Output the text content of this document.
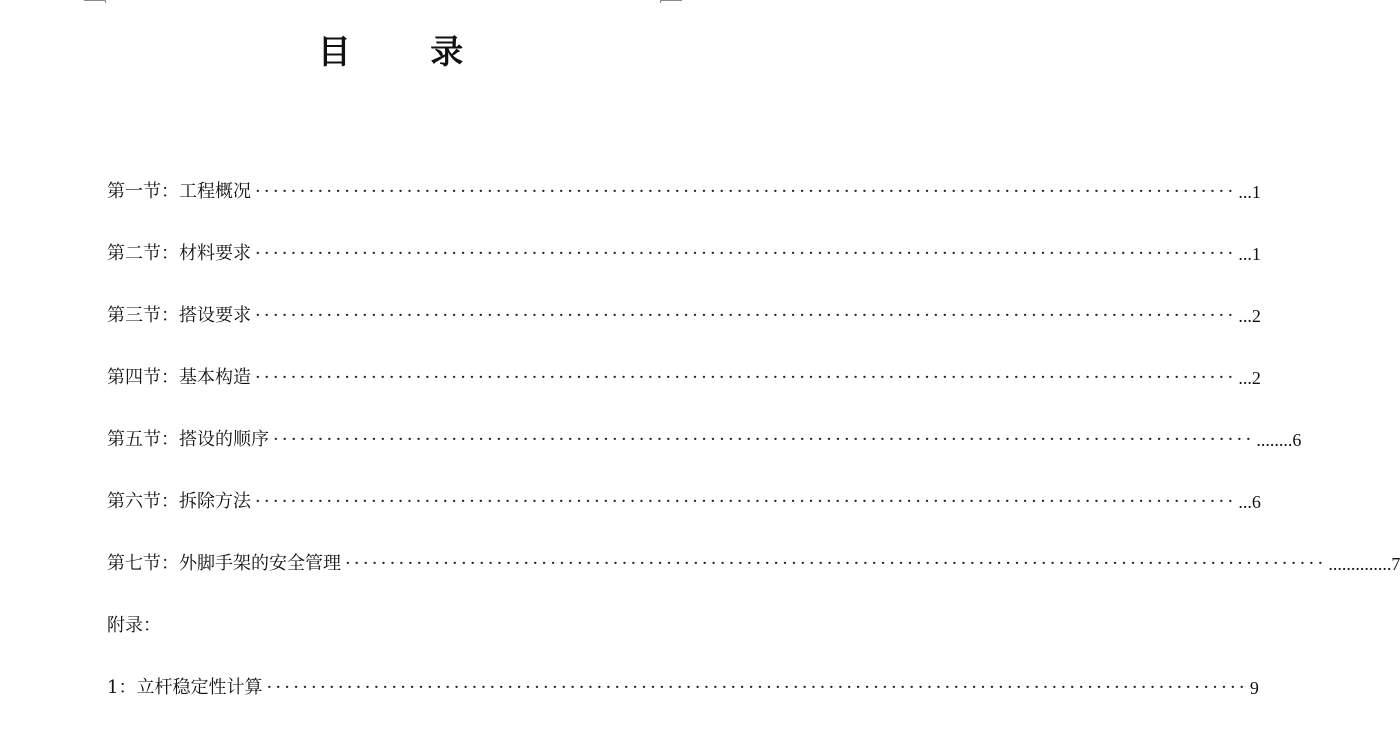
目 录
第一节：工程概况 ·············································································································· ...1
第二节：材料要求 ·············································································································· ...1
第三节：搭设要求 ·············································································································· ...2
第四节：基本构造 ·············································································································· ...2
第五节：搭设的顺序 ·············································································································· ........6
第六节：拆除方法 ·············································································································· ...6
第七节：外脚手架的安全管理 ·············································································································· ..............7
附录：
1：立杆稳定性计算 ·············································································································· 9
